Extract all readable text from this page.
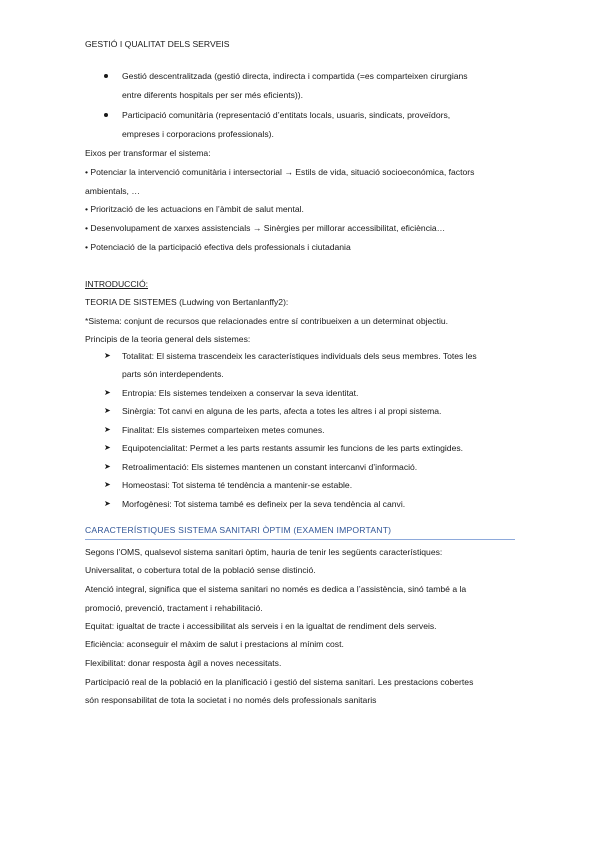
GESTIÓ I QUALITAT DELS SERVEIS
Gestió descentralitzada (gestió directa, indirecta i compartida (=es comparteixen cirurgians
entre diferents hospitals per ser més eficients)).
Participació comunitària (representació d’entitats locals, usuaris, sindicats, proveïdors,
empreses i corporacions professionals).
Eixos per transformar el sistema:
• Potenciar la intervenció comunitària i intersectorial → Estils de vida, situació socioeconómica, factors
ambientals, …
• Priorització de les actuacions en l’àmbit de salut mental.
• Desenvolupament de xarxes assistencials → Sinèrgies per millorar accessibilitat, eficiència…
• Potenciació de la participació efectiva dels professionals i ciutadania
INTRODUCCIÓ:
TEORIA DE SISTEMES (Ludwing von Bertanlanffy2):
*Sistema: conjunt de recursos que relacionades entre sí contribueixen a un determinat objectiu.
Principis de la teoria general dels sistemes:
➤ Totalitat: El sistema trascendeix les característiques individuals dels seus membres. Totes les
parts són interdependents.
➤ Entropia: Els sistemes tendeixen a conservar la seva identitat.
➤ Sinèrgia: Tot canvi en alguna de les parts, afecta a totes les altres i al propi sistema.
➤ Finalitat: Els sistemes comparteixen metes comunes.
➤ Equipotencialitat: Permet a les parts restants assumir les funcions de les parts extingides.
➤ Retroalimentació: Els sistemes mantenen un constant intercanvi d’informació.
➤ Homeostasi: Tot sistema té tendència a mantenir-se estable.
➤ Morfogènesi: Tot sistema també es defineix per la seva tendència al canvi.
CARACTERÍSTIQUES SISTEMA SANITARI ÒPTIM (EXAMEN IMPORTANT)
Segons l’OMS, qualsevol sistema sanitari òptim, hauria de tenir les següents característiques:
Universalitat, o cobertura total de la població sense distinció.
Atenció integral, significa que el sistema sanitari no només es dedica a l’assistència, sinó també a la
promoció, prevenció, tractament i rehabilitació.
Equitat: igualtat de tracte i accessibilitat als serveis i en la igualtat de rendiment dels serveis.
Eficiència: aconseguir el màxim de salut i prestacions al mínim cost.
Flexibilitat: donar resposta àgil a noves necessitats.
Participació real de la població en la planificació i gestió del sistema sanitari. Les prestacions cobertes
són responsabilitat de tota la societat i no només dels professionals sanitaris
